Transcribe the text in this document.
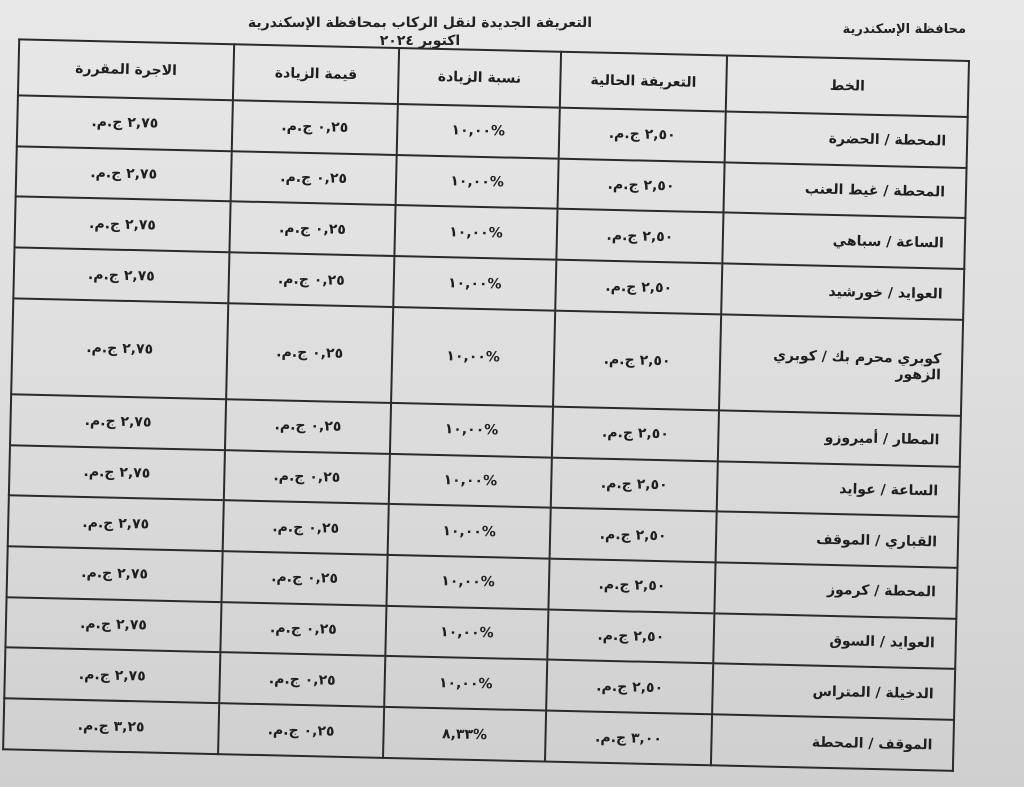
التعريفة الجديدة لنقل الركاب بمحافظة الإسكندرية اكتوبر ٢٠٢٤
محافظة الإسكندرية
الخط	التعريفة الحالية	نسبة الزيادة	قيمة الزيادة	الاجرة المقررة
المحطة / الحضرة	٢,٥٠ ج.م.	%١٠,٠٠	٠,٢٥ ج.م.	٢,٧٥ ج.م.
المحطة / غيط العنب	٢,٥٠ ج.م.	%١٠,٠٠	٠,٢٥ ج.م.	٢,٧٥ ج.م.
الساعة / سباهي	٢,٥٠ ج.م.	%١٠,٠٠	٠,٢٥ ج.م.	٢,٧٥ ج.م.
العوايد / خورشيد	٢,٥٠ ج.م.	%١٠,٠٠	٠,٢٥ ج.م.	٢,٧٥ ج.م.
كوبري محرم بك / كوبري الزهور	٢,٥٠ ج.م.	%١٠,٠٠	٠,٢٥ ج.م.	٢,٧٥ ج.م.
المطار / أميروزو	٢,٥٠ ج.م.	%١٠,٠٠	٠,٢٥ ج.م.	٢,٧٥ ج.م.
الساعة / عوايد	٢,٥٠ ج.م.	%١٠,٠٠	٠,٢٥ ج.م.	٢,٧٥ ج.م.
القباري / الموقف	٢,٥٠ ج.م.	%١٠,٠٠	٠,٢٥ ج.م.	٢,٧٥ ج.م.
المحطة / كرموز	٢,٥٠ ج.م.	%١٠,٠٠	٠,٢٥ ج.م.	٢,٧٥ ج.م.
العوايد / السوق	٢,٥٠ ج.م.	%١٠,٠٠	٠,٢٥ ج.م.	٢,٧٥ ج.م.
الدخيلة / المتراس	٢,٥٠ ج.م.	%١٠,٠٠	٠,٢٥ ج.م.	٢,٧٥ ج.م.
الموقف / المحطة	٣,٠٠ ج.م.	%٨,٣٣	٠,٢٥ ج.م.	٣,٢٥ ج.م.
